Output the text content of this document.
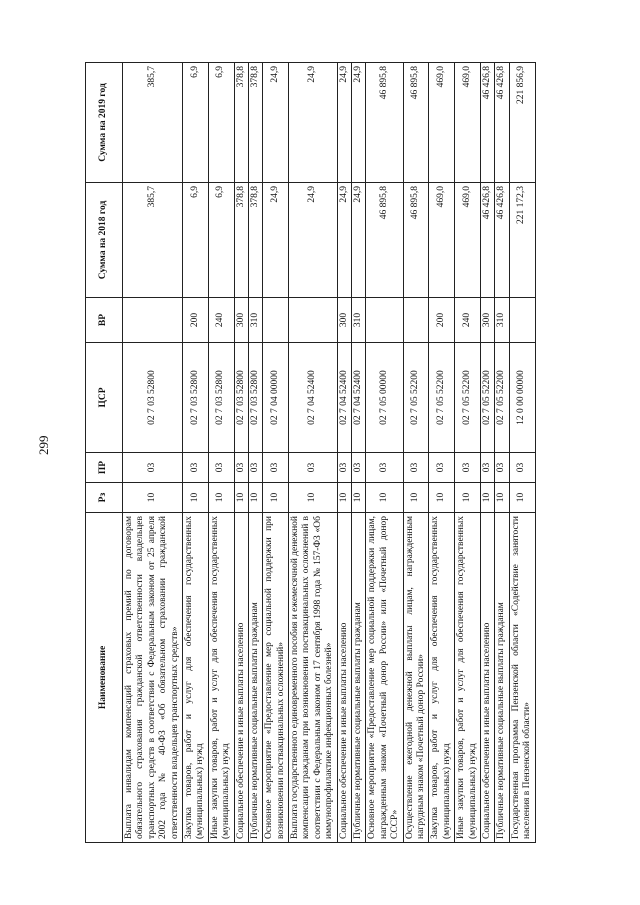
299
Наименование	Рз	ПР	ЦСР	ВР	Сумма на 2018 год	Сумма на 2019 год
Выплата инвалидам компенсаций страховых премий по договорам обязательного страхования гражданской ответственности владельцев транспортных средств в соответствии с Федеральным законом от 25 апреля 2002 года № 40-ФЗ «Об обязательном страховании гражданской ответственности владельцев транспортных средств»	10	03	02 7 03 52800		385,7	385,7
Закупка товаров, работ и услуг для обеспечения государственных (муниципальных) нужд	10	03	02 7 03 52800	200	6,9	6,9
Иные закупки товаров, работ и услуг для обеспечения государственных (муниципальных) нужд	10	03	02 7 03 52800	240	6,9	6,9
Социальное обеспечение и иные выплаты населению	10	03	02 7 03 52800	300	378,8	378,8
Публичные нормативные социальные выплаты гражданам	10	03	02 7 03 52800	310	378,8	378,8
Основное мероприятие «Предоставление мер социальной поддержки при возникновении поствакцинальных осложнений»	10	03	02 7 04 00000		24,9	24,9
Выплата государственного единовременного пособия и ежемесячной денежной компенсации гражданам при возникновении поствакцинальных осложнений в соответствии с Федеральным законом от 17 сентября 1998 года № 157-ФЗ «Об иммунопрофилактике инфекционных болезней»	10	03	02 7 04 52400		24,9	24,9
Социальное обеспечение и иные выплаты населению	10	03	02 7 04 52400	300	24,9	24,9
Публичные нормативные социальные выплаты гражданам	10	03	02 7 04 52400	310	24,9	24,9
Основное мероприятие «Предоставление мер социальной поддержки лицам, награжденным знаком «Почетный донор России» или «Почетный донор СССР»	10	03	02 7 05 00000		46 895,8	46 895,8
Осуществление ежегодной денежной выплаты лицам, награжденным нагрудным знаком «Почетный донор России»	10	03	02 7 05 52200		46 895,8	46 895,8
Закупка товаров, работ и услуг для обеспечения государственных (муниципальных) нужд	10	03	02 7 05 52200	200	469,0	469,0
Иные закупки товаров, работ и услуг для обеспечения государственных (муниципальных) нужд	10	03	02 7 05 52200	240	469,0	469,0
Социальное обеспечение и иные выплаты населению	10	03	02 7 05 52200	300	46 426,8	46 426,8
Публичные нормативные социальные выплаты гражданам	10	03	02 7 05 52200	310	46 426,8	46 426,8
Государственная программа Пензенской области «Содействие занятости населения в Пензенской области»	10	03	12 0 00 00000		221 172,3	221 856,9
